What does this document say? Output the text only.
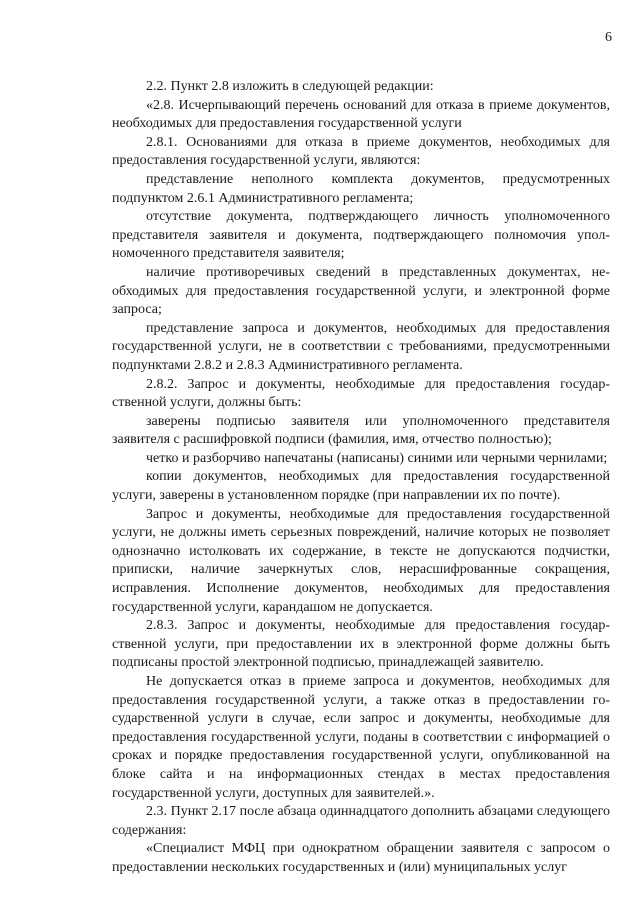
6

2.2. Пункт 2.8 изложить в следующей редакции:

«2.8. Исчерпывающий перечень оснований для отказа в приеме документов, необходимых для предоставления государственной услуги

2.8.1. Основаниями для отказа в приеме документов, необходимых для предоставления государственной услуги, являются:

представление неполного комплекта документов, предусмотренных подпунктом 2.6.1 Административного регламента;

отсутствие документа, подтверждающего личность уполномоченного представителя заявителя и документа, подтверждающего полномочия уполномоченного представителя заявителя;

наличие противоречивых сведений в представленных документах, необходимых для предоставления государственной услуги, и электронной форме запроса;

представление запроса и документов, необходимых для предоставления государственной услуги, не в соответствии с требованиями, предусмотренными подпунктами 2.8.2 и 2.8.3 Административного регламента.

2.8.2. Запрос и документы, необходимые для предоставления государственной услуги, должны быть:

заверены подписью заявителя или уполномоченного представителя заявителя с расшифровкой подписи (фамилия, имя, отчество полностью);

четко и разборчиво напечатаны (написаны) синими или черными чернилами;

копии документов, необходимых для предоставления государственной услуги, заверены в установленном порядке (при направлении их по почте).

Запрос и документы, необходимые для предоставления государственной услуги, не должны иметь серьезных повреждений, наличие которых не позволяет однозначно истолковать их содержание, в тексте не допускаются подчистки, приписки, наличие зачеркнутых слов, нерасшифрованные сокращения, исправления. Исполнение документов, необходимых для предоставления государственной услуги, карандашом не допускается.

2.8.3. Запрос и документы, необходимые для предоставления государственной услуги, при предоставлении их в электронной форме должны быть подписаны простой электронной подписью, принадлежащей заявителю.

Не допускается отказ в приеме запроса и документов, необходимых для предоставления государственной услуги, а также отказ в предоставлении государственной услуги в случае, если запрос и документы, необходимые для предоставления государственной услуги, поданы в соответствии с информацией о сроках и порядке предоставления государственной услуги, опубликованной на блоке сайта и на информационных стендах в местах предоставления государственной услуги, доступных для заявителей.».

2.3. Пункт 2.17 после абзаца одиннадцатого дополнить абзацами следующего содержания:

«Специалист МФЦ при однократном обращении заявителя с запросом о предоставлении нескольких государственных и (или) муниципальных услуг
